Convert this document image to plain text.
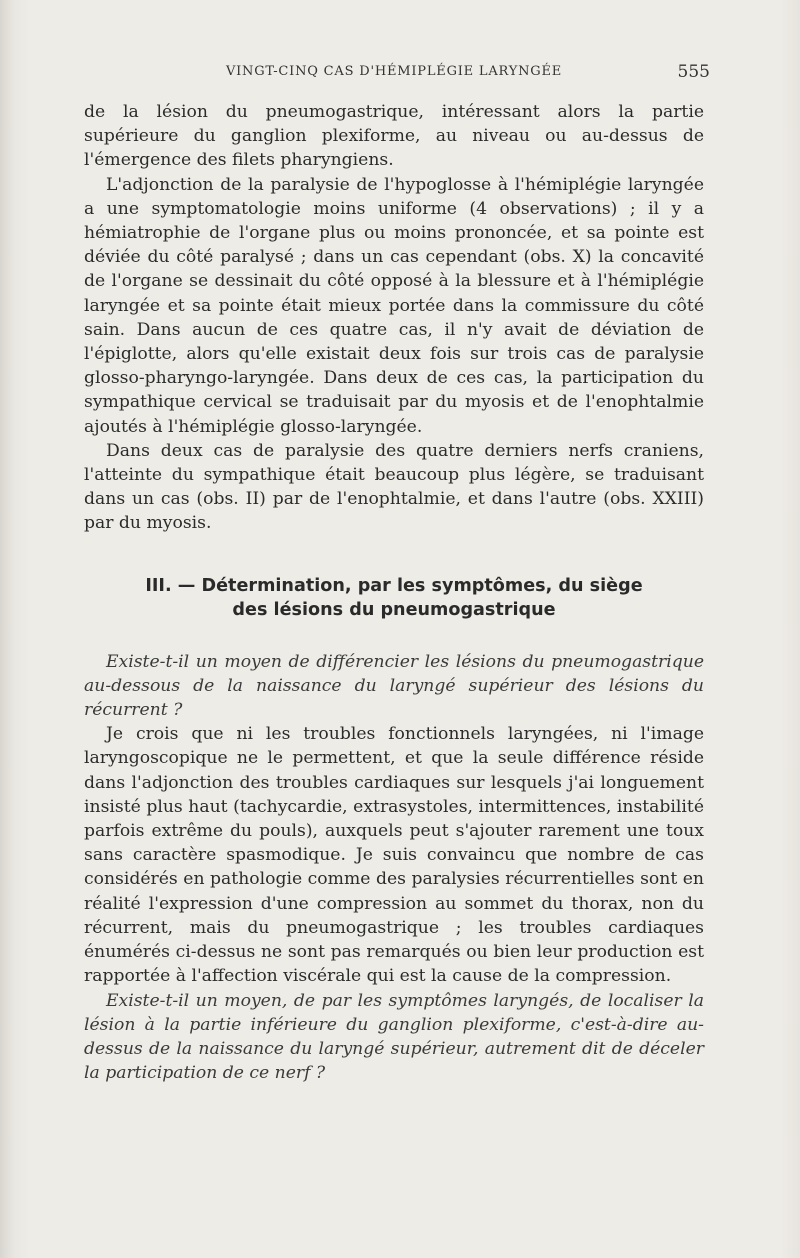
VINGT-CINQ CAS D'HÉMIPLÉGIE LARYNGÉE	555

de la lésion du pneumogastrique, intéressant alors la partie supérieure du ganglion plexiforme, au niveau ou au-dessus de l'émergence des filets pharyngiens.

L'adjonction de la paralysie de l'hypoglosse à l'hémiplégie laryngée a une symptomatologie moins uniforme (4 observations) ; il y a hémiatrophie de l'organe plus ou moins prononcée, et sa pointe est déviée du côté paralysé ; dans un cas cependant (obs. X) la concavité de l'organe se dessinait du côté opposé à la blessure et à l'hémiplégie laryngée et sa pointe était mieux portée dans la commissure du côté sain. Dans aucun de ces quatre cas, il n'y avait de déviation de l'épiglotte, alors qu'elle existait deux fois sur trois cas de paralysie glosso-pharyngo-laryngée. Dans deux de ces cas, la participation du sympathique cervical se traduisait par du myosis et de l'enophtalmie ajoutés à l'hémiplégie glosso-laryngée.

Dans deux cas de paralysie des quatre derniers nerfs craniens, l'atteinte du sympathique était beaucoup plus légère, se traduisant dans un cas (obs. II) par de l'enophtalmie, et dans l'autre (obs. XXIII) par du myosis.

III. — Détermination, par les symptômes, du siège
des lésions du pneumogastrique

Existe-t-il un moyen de différencier les lésions du pneumogastrique au-dessous de la naissance du laryngé supérieur des lésions du récurrent ?

Je crois que ni les troubles fonctionnels laryngées, ni l'image laryngoscopique ne le permettent, et que la seule différence réside dans l'adjonction des troubles cardiaques sur lesquels j'ai longuement insisté plus haut (tachycardie, extrasystoles, intermittences, instabilité parfois extrême du pouls), auxquels peut s'ajouter rarement une toux sans caractère spasmodique. Je suis convaincu que nombre de cas considérés en pathologie comme des paralysies récurrentielles sont en réalité l'expression d'une compression au sommet du thorax, non du récurrent, mais du pneumogastrique ; les troubles cardiaques énumérés ci-dessus ne sont pas remarqués ou bien leur production est rapportée à l'affection viscérale qui est la cause de la compression.

Existe-t-il un moyen, de par les symptômes laryngés, de localiser la lésion à la partie inférieure du ganglion plexiforme, c'est-à-dire au-dessus de la naissance du laryngé supérieur, autrement dit de déceler la participation de ce nerf ?
